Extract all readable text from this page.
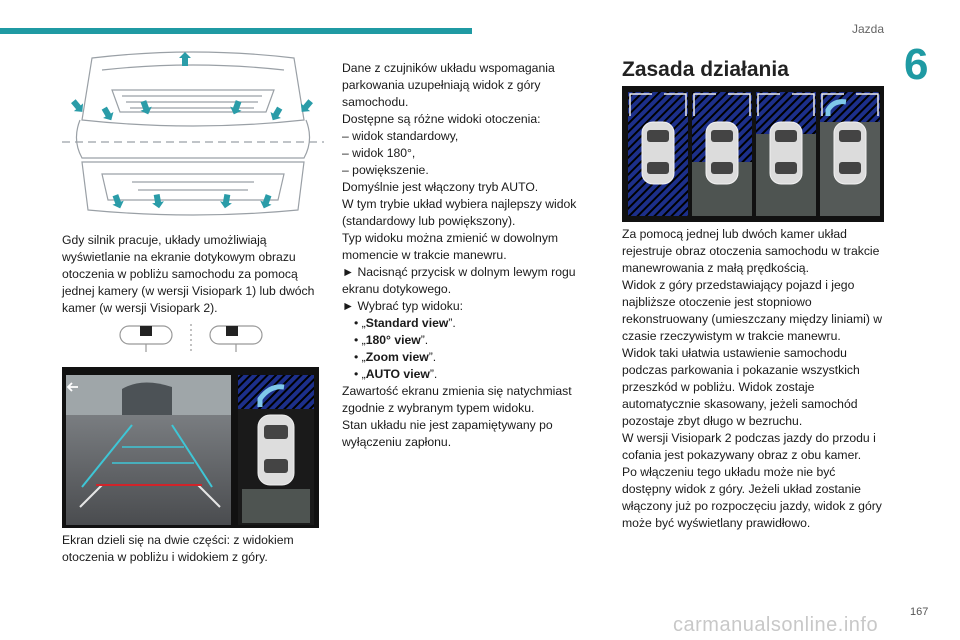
Jazda
6
Gdy silnik pracuje, układy umożliwiają wyświetlanie na ekranie dotykowym obrazu otoczenia w pobliżu samochodu za pomocą jednej kamery (w wersji Visiopark 1) lub dwóch kamer (w wersji Visiopark 2).
Ekran dzieli się na dwie części: z widokiem otoczenia w pobliżu i widokiem z góry.

Dane z czujników układu wspomagania parkowania uzupełniają widok z góry samochodu.

Dostępne są różne widoki otoczenia:

– widok standardowy,

– widok 180°,

– powiększenie.

Domyślnie jest włączony tryb AUTO.

W tym trybie układ wybiera najlepszy widok (standardowy lub powiększony).

Typ widoku można zmienić w dowolnym momencie w trakcie manewru.

► Nacisnąć przycisk w dolnym lewym rogu ekranu dotykowego.

► Wybrać typ widoku:

• „Standard view”.

• „180° view”.

• „Zoom view”.

• „AUTO view”.

Zawartość ekranu zmienia się natychmiast zgodnie z wybranym typem widoku.

Stan układu nie jest zapamiętywany po wyłączeniu zapłonu.

Zasada działania

Za pomocą jednej lub dwóch kamer układ rejestruje obraz otoczenia samochodu w trakcie manewrowania z małą prędkością.

Widok z góry przedstawiający pojazd i jego najbliższe otoczenie jest stopniowo rekonstruowany (umieszczany między liniami) w czasie rzeczywistym w trakcie manewru.

Widok taki ułatwia ustawienie samochodu podczas parkowania i pokazanie wszystkich przeszkód w pobliżu. Widok zostaje automatycznie skasowany, jeżeli samochód pozostaje zbyt długo w bezruchu.

W wersji Visiopark 2 podczas jazdy do przodu i cofania jest pokazywany obraz z obu kamer.

Po włączeniu tego układu może nie być dostępny widok z góry. Jeżeli układ zostanie włączony już po rozpoczęciu jazdy, widok z góry może być wyświetlany prawidłowo.

167
carmanualsonline.info
